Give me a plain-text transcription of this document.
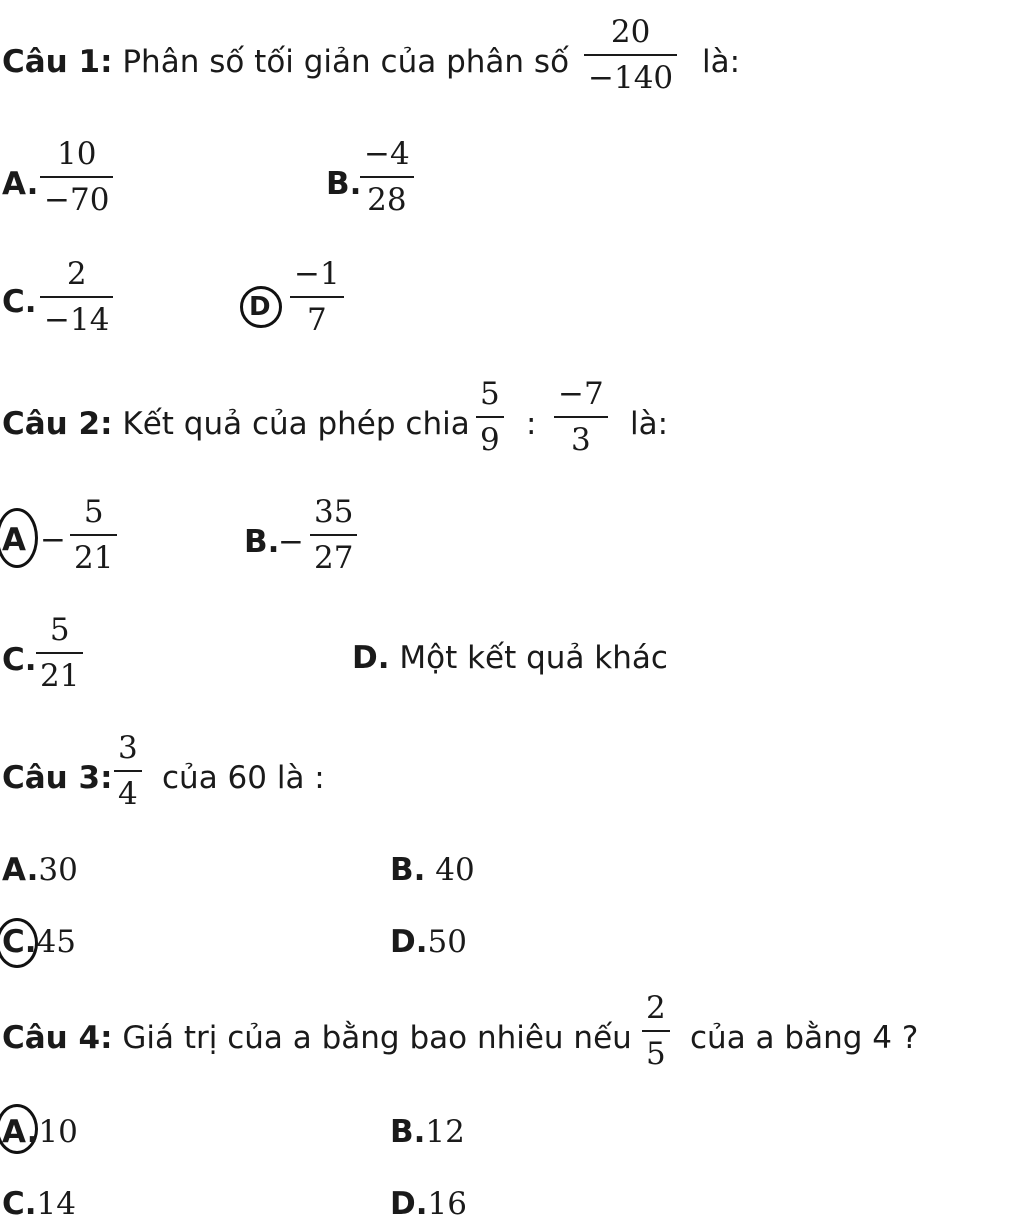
Câu 1: Phân số tối giản của phân số
20
−140 là:
A.
10
−70	B.
−4
28
C.
2
−14	D
−1
7
Câu 2: Kết quả của phép chia
5
9 :
−7
3 là:
A −
5
21	B.
−
35
27
C.
5
21	D. Một kết quả khác
Câu 3:
3
4 của 60 là :
A.30	B. 40
C.45	D.50
Câu 4: Giá trị của a bằng bao nhiêu nếu
2
5 của a bằng 4 ?
A.10	B.12
C.14	D.16
